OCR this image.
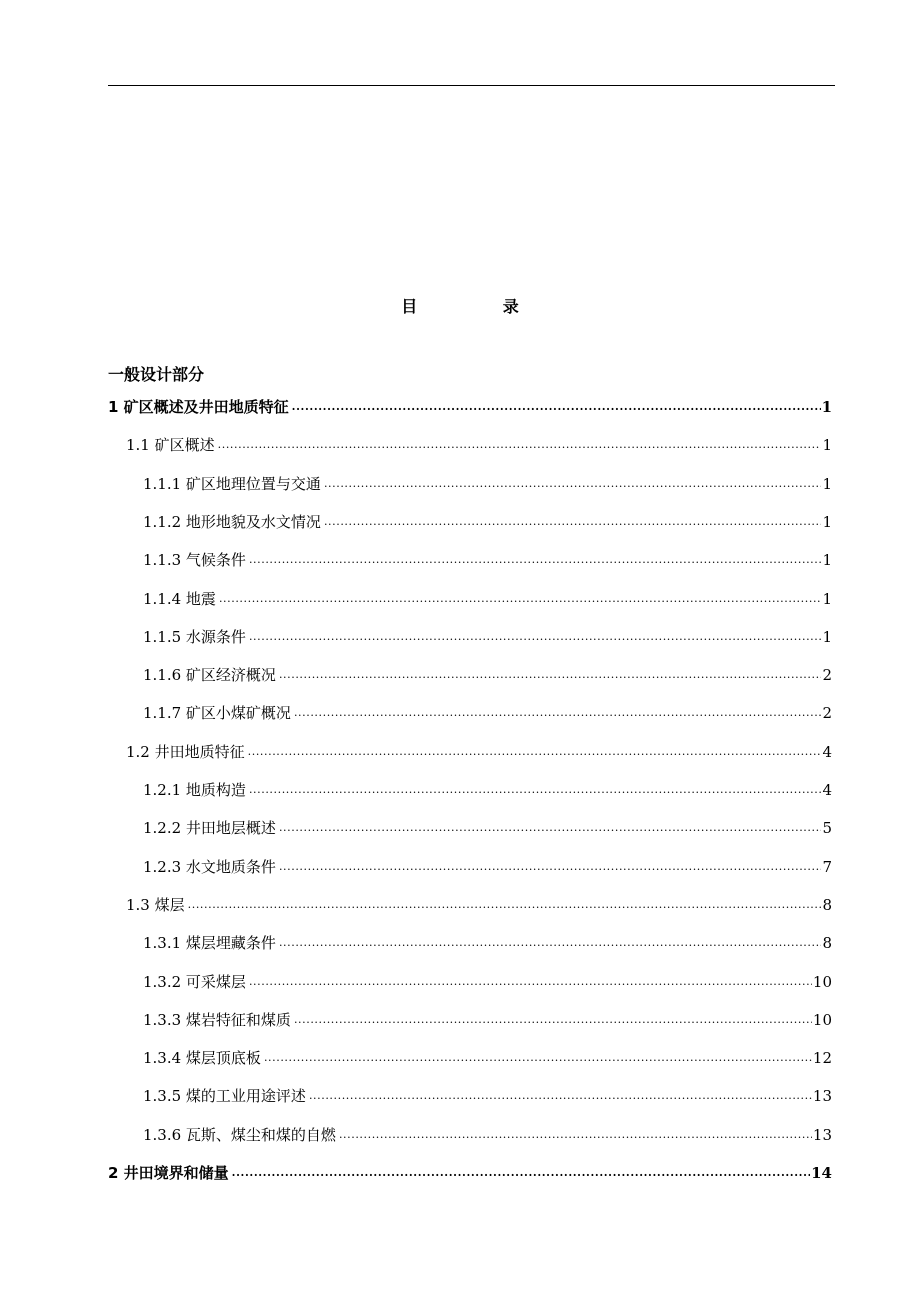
目 录
一般设计部分
1 矿区概述及井田地质特征 .....	1
1.1 矿区概述 .....	1
1.1.1 矿区地理位置与交通 .....	1
1.1.2 地形地貌及水文情况 .....	1
1.1.3 气候条件 .....	1
1.1.4 地震 .....	1
1.1.5 水源条件 .....	1
1.1.6 矿区经济概况 .....	2
1.1.7 矿区小煤矿概况 .....	2
1.2 井田地质特征 .....	4
1.2.1 地质构造 .....	4
1.2.2 井田地层概述 .....	5
1.2.3 水文地质条件 .....	7
1.3 煤层 .....	8
1.3.1 煤层埋藏条件 .....	8
1.3.2 可采煤层 .....	10
1.3.3 煤岩特征和煤质 .....	10
1.3.4 煤层顶底板 .....	12
1.3.5 煤的工业用途评述 .....	13
1.3.6 瓦斯、煤尘和煤的自燃 .....	13
2 井田境界和储量 .....	14
